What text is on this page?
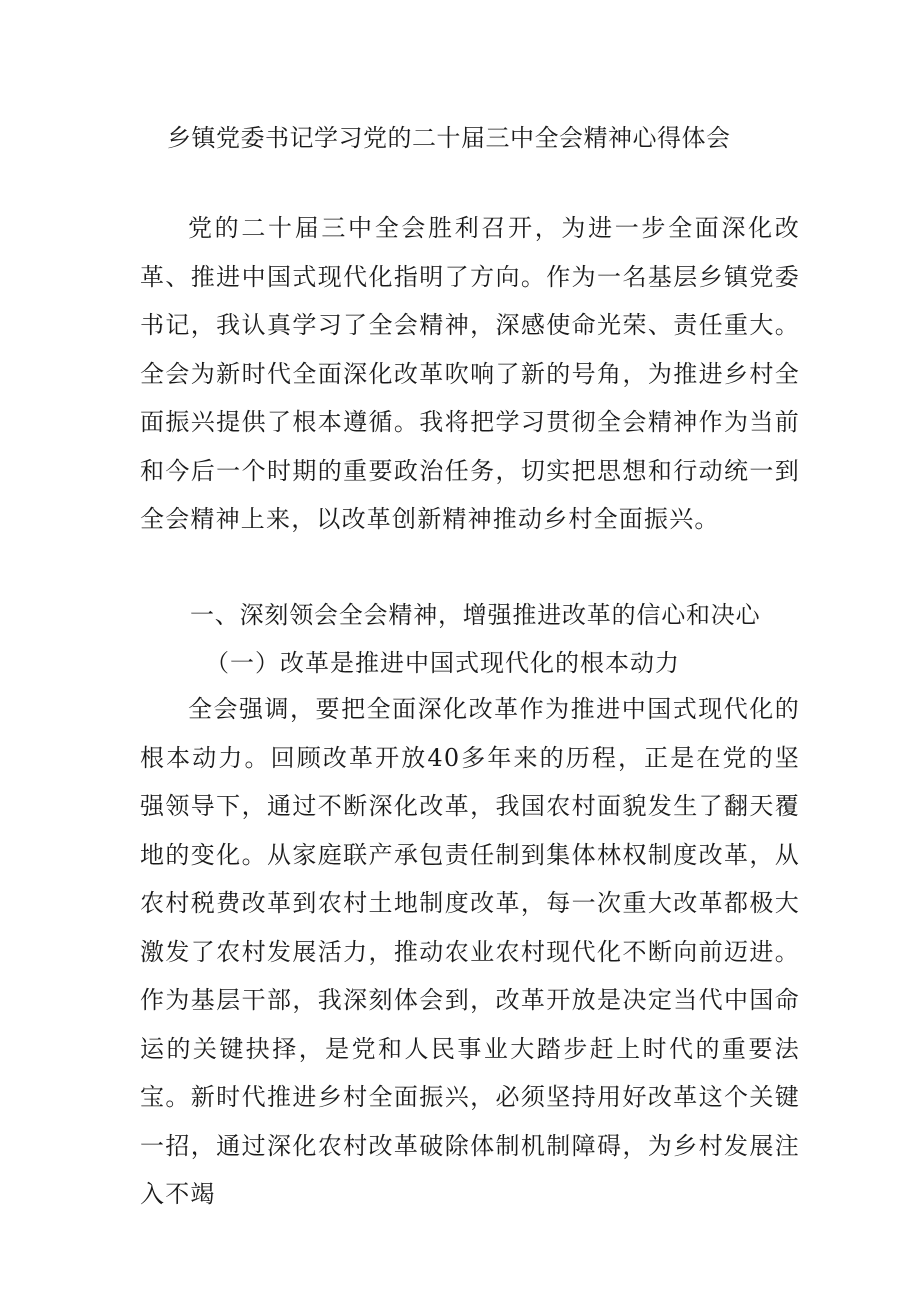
乡镇党委书记学习党的二十届三中全会精神心得体会

党的二十届三中全会胜利召开，为进一步全面深化改革、推进中国式现代化指明了方向。作为一名基层乡镇党委书记，我认真学习了全会精神，深感使命光荣、责任重大。全会为新时代全面深化改革吹响了新的号角，为推进乡村全面振兴提供了根本遵循。我将把学习贯彻全会精神作为当前和今后一个时期的重要政治任务，切实把思想和行动统一到全会精神上来，以改革创新精神推动乡村全面振兴。

一、深刻领会全会精神，增强推进改革的信心和决心
（一）改革是推进中国式现代化的根本动力

全会强调，要把全面深化改革作为推进中国式现代化的根本动力。回顾改革开放40多年来的历程，正是在党的坚强领导下，通过不断深化改革，我国农村面貌发生了翻天覆地的变化。从家庭联产承包责任制到集体林权制度改革，从农村税费改革到农村土地制度改革，每一次重大改革都极大激发了农村发展活力，推动农业农村现代化不断向前迈进。作为基层干部，我深刻体会到，改革开放是决定当代中国命运的关键抉择，是党和人民事业大踏步赶上时代的重要法宝。新时代推进乡村全面振兴，必须坚持用好改革这个关键一招，通过深化农村改革破除体制机制障碍，为乡村发展注入不竭
